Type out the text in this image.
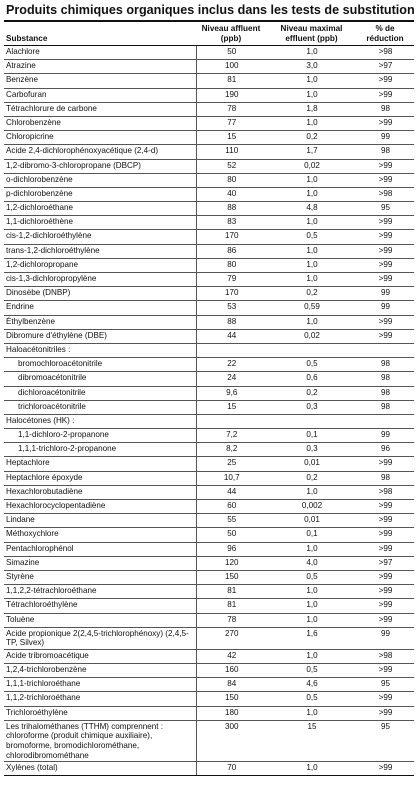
Produits chimiques organiques inclus dans les tests de substitution
Substance	Niveau affluent (ppb)	Niveau maximal effluent (ppb)	% de réduction
Alachlore	50	1,0	>98
Atrazine	100	3,0	>97
Benzène	81	1,0	>99
Carbofuran	190	1,0	>99
Tétrachlorure de carbone	78	1,8	98
Chlorobenzène	77	1,0	>99
Chloropicrine	15	0,2	99
Acide 2,4-dichlorophénoxyacétique (2,4-d)	110	1,7	98
1,2-dibromo-3-chloropropane (DBCP)	52	0,02	>99
o-dichlorobenzène	80	1,0	>99
p-dichlorobenzène	40	1,0	>98
1,2-dichloroéthane	88	4,8	95
1,1-dichloroéthène	83	1,0	>99
cis-1,2-dichloroéthylène	170	0,5	>99
trans-1,2-dichloroéthylène	86	1,0	>99
1,2-dichloropropane	80	1,0	>99
cis-1,3-dichloropropylène	79	1,0	>99
Dinosèbe (DNBP)	170	0,2	99
Endrine	53	0,59	99
Éthylbenzène	88	1,0	>99
Dibromure d'éthylène (DBE)	44	0,02	>99
Haloacétonitriles :			
bromochloroacétonitrile	22	0,5	98
dibromoacétonitrile	24	0,6	98
dichloroacétonitrile	9,6	0,2	98
trichloroacétonitrile	15	0,3	98
Halocétones (HK) :			
1,1-dichloro-2-propanone	7,2	0,1	99
1,1,1-trichloro-2-propanone	8,2	0,3	96
Heptachlore	25	0,01	>99
Heptachlore époxyde	10,7	0,2	98
Hexachlorobutadiène	44	1,0	>98
Hexachlorocyclopentadiène	60	0,002	>99
Lindane	55	0,01	>99
Méthoxychlore	50	0,1	>99
Pentachlorophénol	96	1,0	>99
Simazine	120	4,0	>97
Styrène	150	0,5	>99
1,1,2,2-tétrachloroéthane	81	1,0	>99
Tétrachloroéthylène	81	1,0	>99
Toluène	78	1,0	>99
Acide propionique 2(2,4,5-trichlorophénoxy) (2,4,5-TP, Silvex)	270	1,6	99
Acide tribromoacétique	42	1,0	>98
1,2,4-trichlorobenzène	160	0,5	>99
1,1,1-trichloroéthane	84	4,6	95
1,1,2-trichloroéthane	150	0,5	>99
Trichloroéthylène	180	1,0	>99
Les trihalométhanes (TTHM) comprennent : chloroforme (produit chimique auxiliaire), bromoforme, bromodichlorométhane, chlorodibromométhane	300	15	95
Xylènes (total)	70	1,0	>99
